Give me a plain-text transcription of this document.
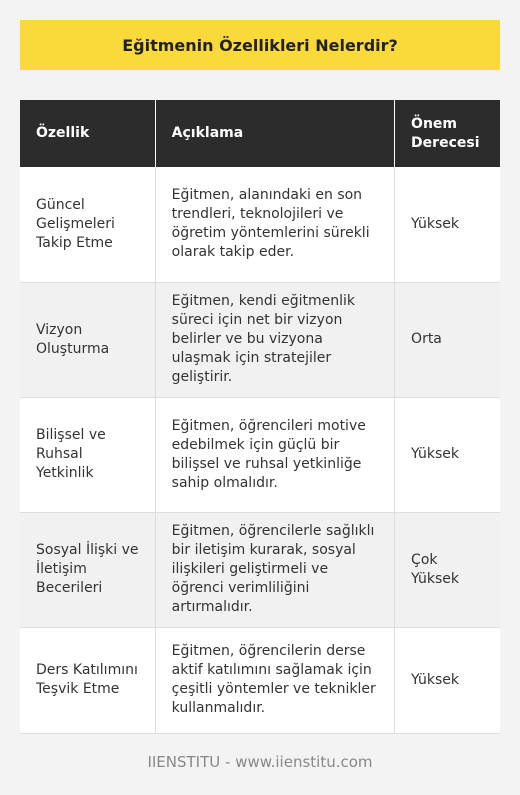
Eğitmenin Özellikleri Nelerdir?
Özellik	Açıklama	Önem Derecesi
Güncel Gelişmeleri Takip Etme	Eğitmen, alanındaki en son trendleri, teknolojileri ve öğretim yöntemlerini sürekli olarak takip eder.	Yüksek
Vizyon Oluşturma	Eğitmen, kendi eğitmenlik süreci için net bir vizyon belirler ve bu vizyona ulaşmak için stratejiler geliştirir.	Orta
Bilişsel ve Ruhsal Yetkinlik	Eğitmen, öğrencileri motive edebilmek için güçlü bir bilişsel ve ruhsal yetkinliğe sahip olmalıdır.	Yüksek
Sosyal İlişki ve İletişim Becerileri	Eğitmen, öğrencilerle sağlıklı bir iletişim kurarak, sosyal ilişkileri geliştirmeli ve öğrenci verimliliğini artırmalıdır.	Çok Yüksek
Ders Katılımını Teşvik Etme	Eğitmen, öğrencilerin derse aktif katılımını sağlamak için çeşitli yöntemler ve teknikler kullanmalıdır.	Yüksek
IIENSTITU - www.iienstitu.com
